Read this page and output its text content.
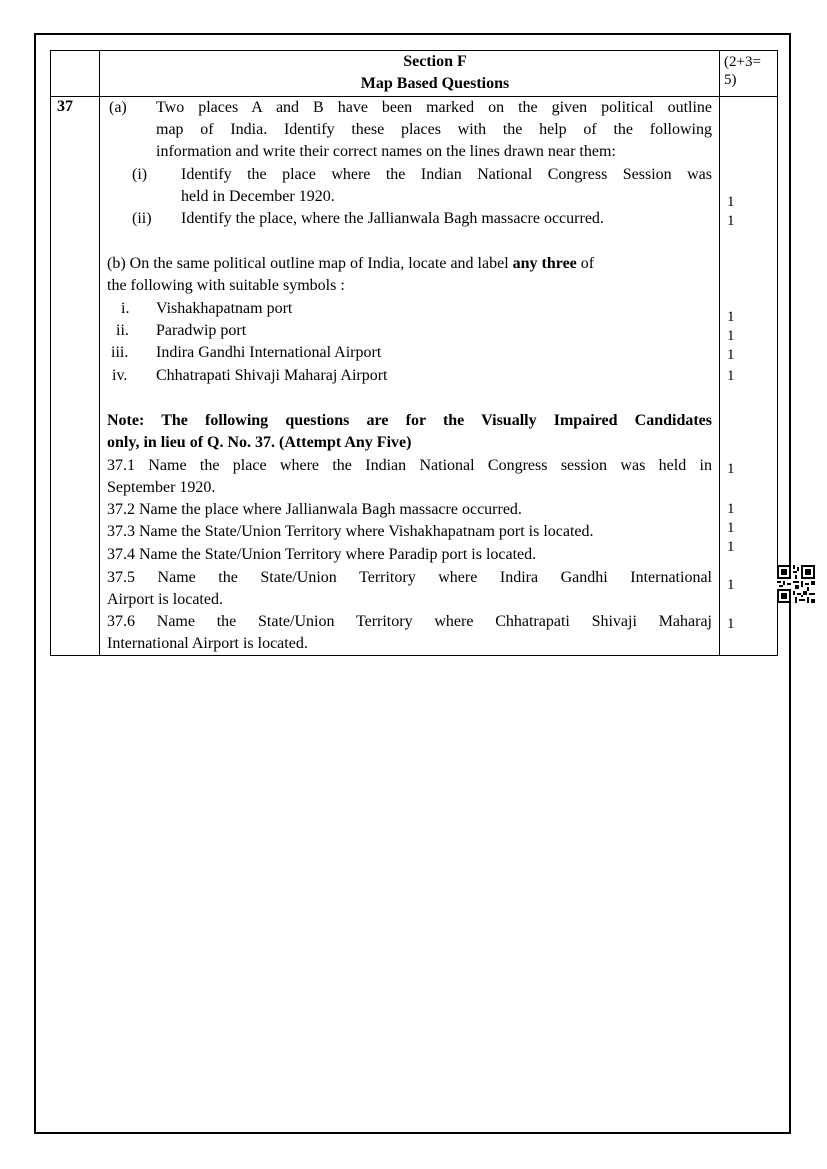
Section F
Map Based Questions
(2+3=
5)
37 (a) Two places A and B have been marked on the given political outline
map of India. Identify these places with the help of the following
information and write their correct names on the lines drawn near them:
(i) Identify the place where the Indian National Congress Session was
held in December 1920.	1
(ii) Identify the place, where the Jallianwala Bagh massacre occurred.	1
(b) On the same political outline map of India, locate and label any three of
the following with suitable symbols :
i. Vishakhapatnam port	1
ii. Paradwip port	1
iii. Indira Gandhi International Airport	1
iv. Chhatrapati Shivaji Maharaj Airport	1
Note: The following questions are for the Visually Impaired Candidates
only, in lieu of Q. No. 37. (Attempt Any Five)
37.1 Name the place where the Indian National Congress session was held in
September 1920.
1
37.2 Name the place where Jallianwala Bagh massacre occurred.	1
37.3 Name the State/Union Territory where Vishakhapatnam port is located.	1
37.4 Name the State/Union Territory where Paradip port is located.	1
37.5 Name the State/Union Territory where Indira Gandhi International
Airport is located.
1
37.6 Name the State/Union Territory where Chhatrapati Shivaji Maharaj
International Airport is located.
1
